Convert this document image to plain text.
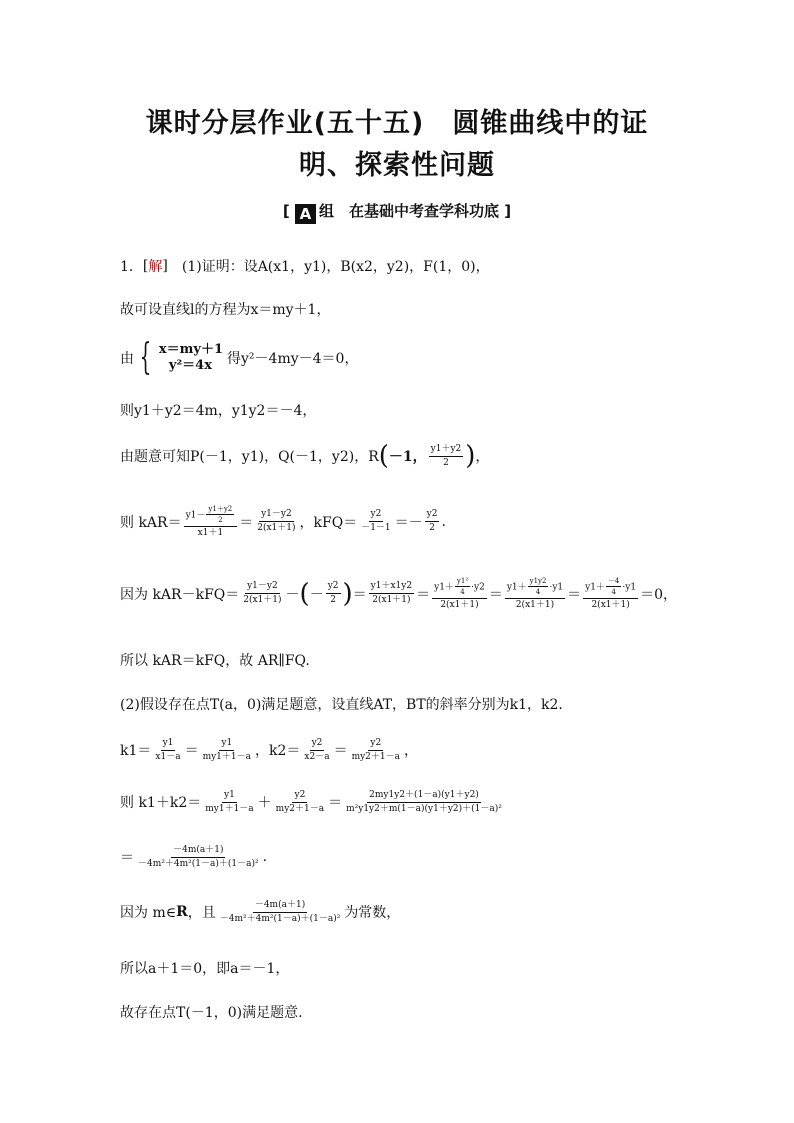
课时分层作业(五十五)　圆锥曲线中的证
明、探索性问题
[ A 组　在基础中考查学科功底 ]
1． [ 解 ] 　(1)证明：设A(x1，y1)，B(x2，y2)，F(1，0)，
故可设直线l的方程为x＝my＋1，
由 { x＝my＋1
y²＝4x	得y²－4my－4＝0，
则y1＋y2＝4m，y1y2＝－4，
由题意可知P(－1，y1)，Q(－1，y2)，R ( －1， $\frac{y1+y2}{2}$ ) ，
则 $kAR= \frac{y1- \frac{y1+y2}{2}}{x1+1} = \frac{y1-y2}{2(x1+1)}$ ，$kFQ= \frac{y2}{-1-1} =- \frac{y2}{2}$ .
因为 $kAR-kFQ= \frac{y1-y2}{2(x1+1)}$ － ( － $\frac{y2}{2}$ ) ＝ $\frac{y1+x1y2}{2(x1+1)} = \frac{y1+ \frac{\text{y1²}}{4} \cdot y2}{2(x1+1)} = \frac{y1+ \frac{y1y2}{4} \cdot y1}{2(x1+1)} = \frac{y1+ \frac{-4}{4} \cdot y1}{2(x1+1)} =0$，
所以 kAR＝kFQ，故 AR∥FQ.
(2)假设存在点T(a，0)满足题意，设直线AT，BT的斜率分别为k1，k2.
$k1= \frac{y1}{x1-a} = \frac{y1}{my1+1-a}$ ，$k2= \frac{y2}{x2-a} = \frac{y2}{my2+1-a}$ ，
则 $k1+k2= \frac{y1}{my1+1-a} + \frac{y2}{my2+1-a} = \frac{2my1y2+(1-a)(y1+y2)}{\text{m²y1y2＋m(1－a)(y1＋y2)＋(1－a)²}}$
＝ $\frac{-4m(a+1)}{\text{－4m²＋4m²(1－a)＋(1－a)²}}$ .
因为 m∈ R ，且 $\frac{-4m(a+1)}{\text{－4m²＋4m²(1－a)＋(1－a)²}}$ 为常数，
所以a＋1＝0，即a＝－1，
故存在点T(－1，0)满足题意.
